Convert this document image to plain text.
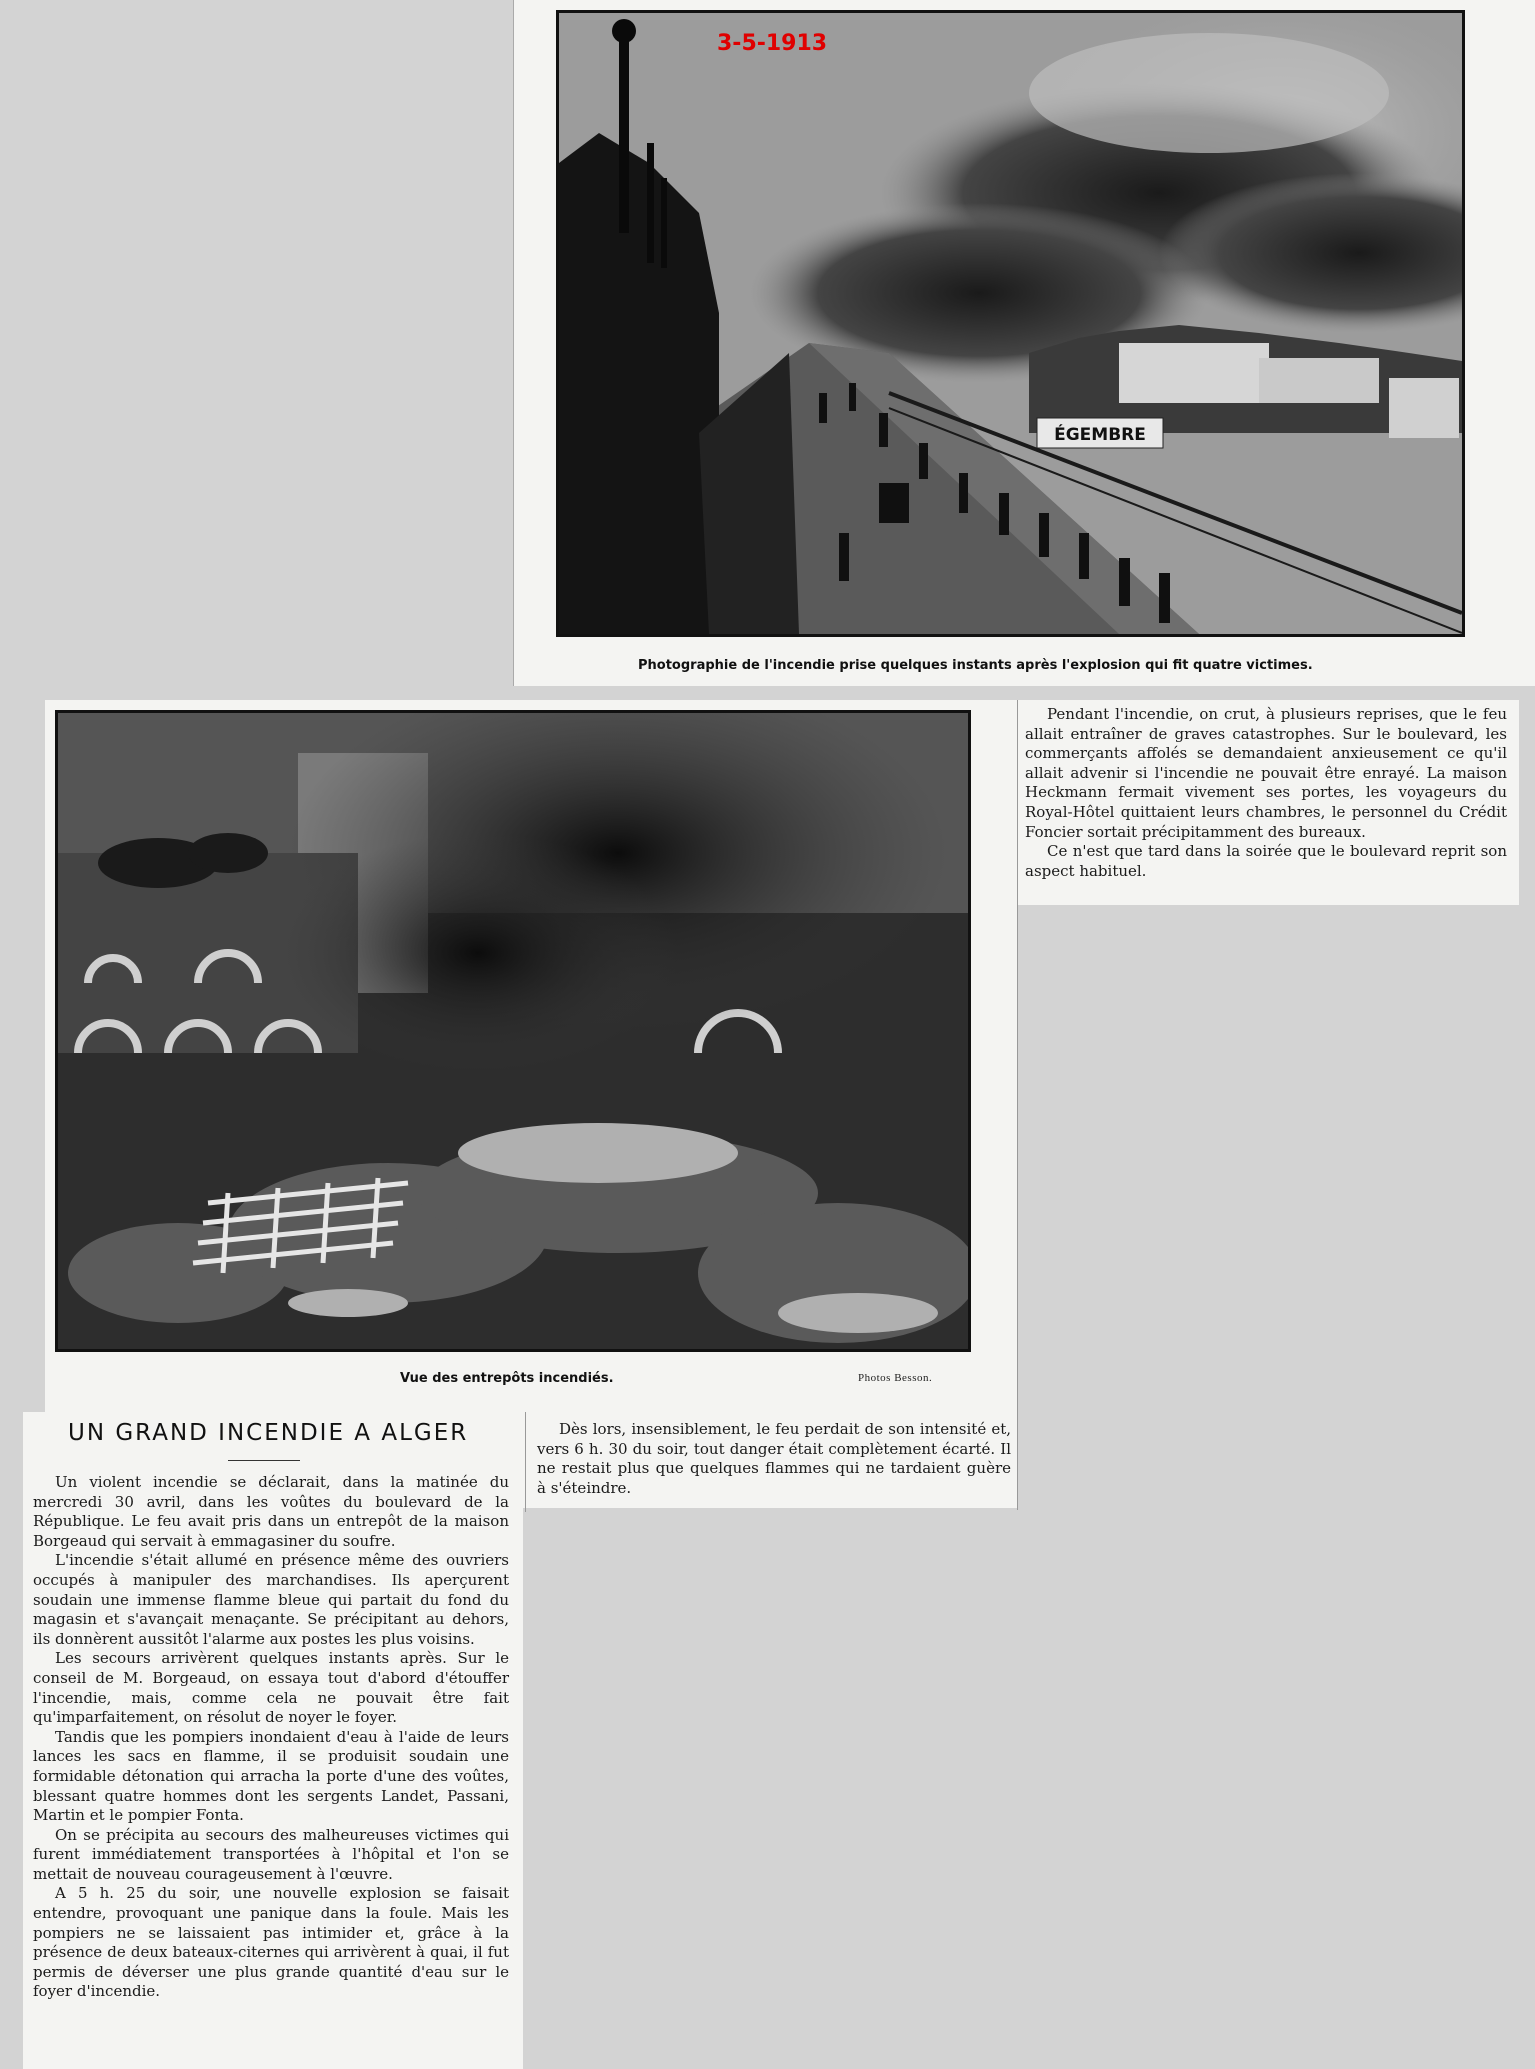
ÉGEMBRE
3-5-1913
Photographie de l'incendie prise quelques instants après l'explosion qui fit quatre victimes.
Vue des entrepôts incendiés.	Photos Besson.

Pendant l'incendie, on crut, à plusieurs reprises, que le feu allait entraîner de graves catastrophes. Sur le boulevard, les commerçants affolés se demandaient anxieusement ce qu'il allait advenir si l'incendie ne pouvait être enrayé. La maison Heckmann fermait vivement ses portes, les voyageurs du Royal-Hôtel quittaient leurs chambres, le personnel du Crédit Foncier sortait précipitamment des bureaux.

Ce n'est que tard dans la soirée que le boulevard reprit son aspect habituel.

UN GRAND INCENDIE A ALGER

Un violent incendie se déclarait, dans la matinée du mercredi 30 avril, dans les voûtes du boulevard de la République. Le feu avait pris dans un entrepôt de la maison Borgeaud qui servait à emmagasiner du soufre.

L'incendie s'était allumé en présence même des ouvriers occupés à manipuler des marchandises. Ils aperçurent soudain une immense flamme bleue qui partait du fond du magasin et s'avançait menaçante. Se précipitant au dehors, ils donnèrent aussitôt l'alarme aux postes les plus voisins.

Les secours arrivèrent quelques instants après. Sur le conseil de M. Borgeaud, on essaya tout d'abord d'étouffer l'incendie, mais, comme cela ne pouvait être fait qu'imparfaitement, on résolut de noyer le foyer.

Tandis que les pompiers inondaient d'eau à l'aide de leurs lances les sacs en flamme, il se produisit soudain une formidable détonation qui arracha la porte d'une des voûtes, blessant quatre hommes dont les sergents Landet, Passani, Martin et le pompier Fonta.

On se précipita au secours des malheureuses victimes qui furent immédiatement transportées à l'hôpital et l'on se mettait de nouveau courageusement à l'œuvre.

A 5 h. 25 du soir, une nouvelle explosion se faisait entendre, provoquant une panique dans la foule. Mais les pompiers ne se laissaient pas intimider et, grâce à la présence de deux bateaux-citernes qui arrivèrent à quai, il fut permis de déverser une plus grande quantité d'eau sur le foyer d'incendie.

Dès lors, insensiblement, le feu perdait de son intensité et, vers 6 h. 30 du soir, tout danger était complètement écarté. Il ne restait plus que quelques flammes qui ne tardaient guère à s'éteindre.
